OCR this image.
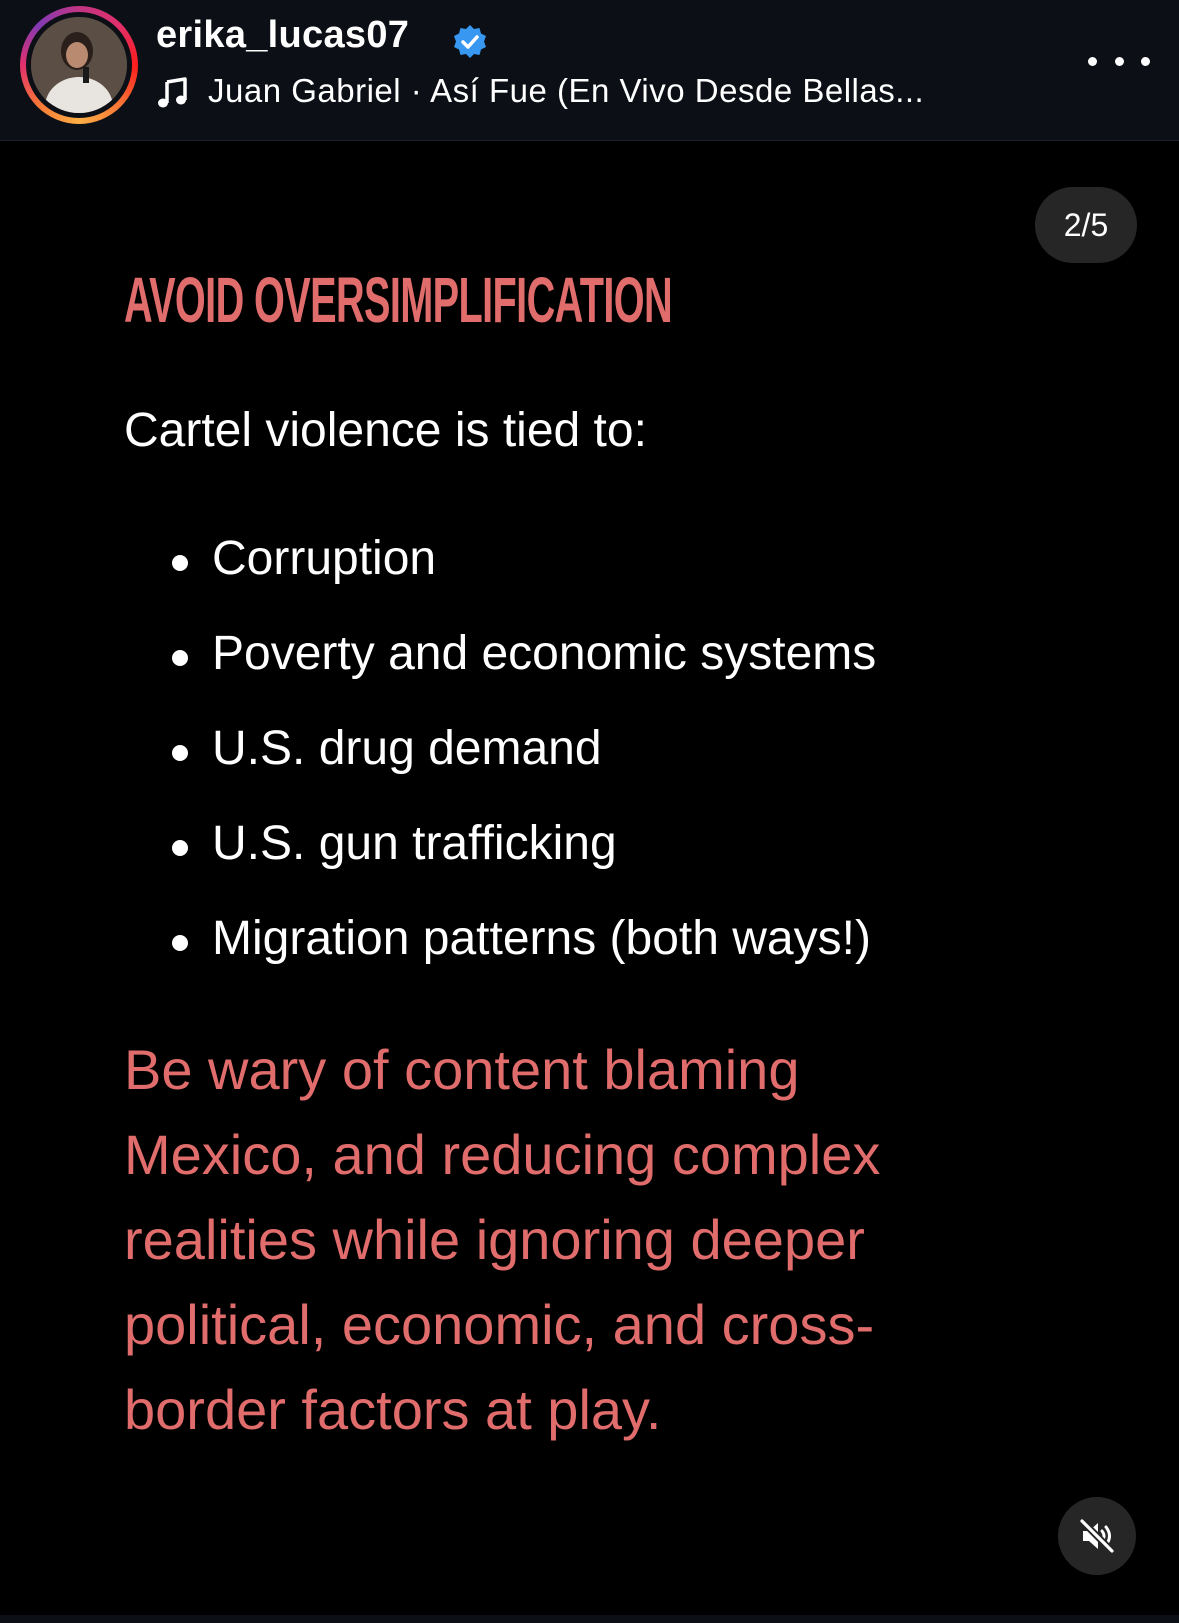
erika_lucas07
Juan Gabriel · Así Fue (En Vivo Desde Bellas...
2/5
AVOID OVERSIMPLIFICATION
Cartel violence is tied to:
Corruption
Poverty and economic systems
U.S. drug demand
U.S. gun trafficking
Migration patterns (both ways!)
Be wary of content blaming Mexico, and reducing complex realities while ignoring deeper political, economic, and cross-border factors at play.
